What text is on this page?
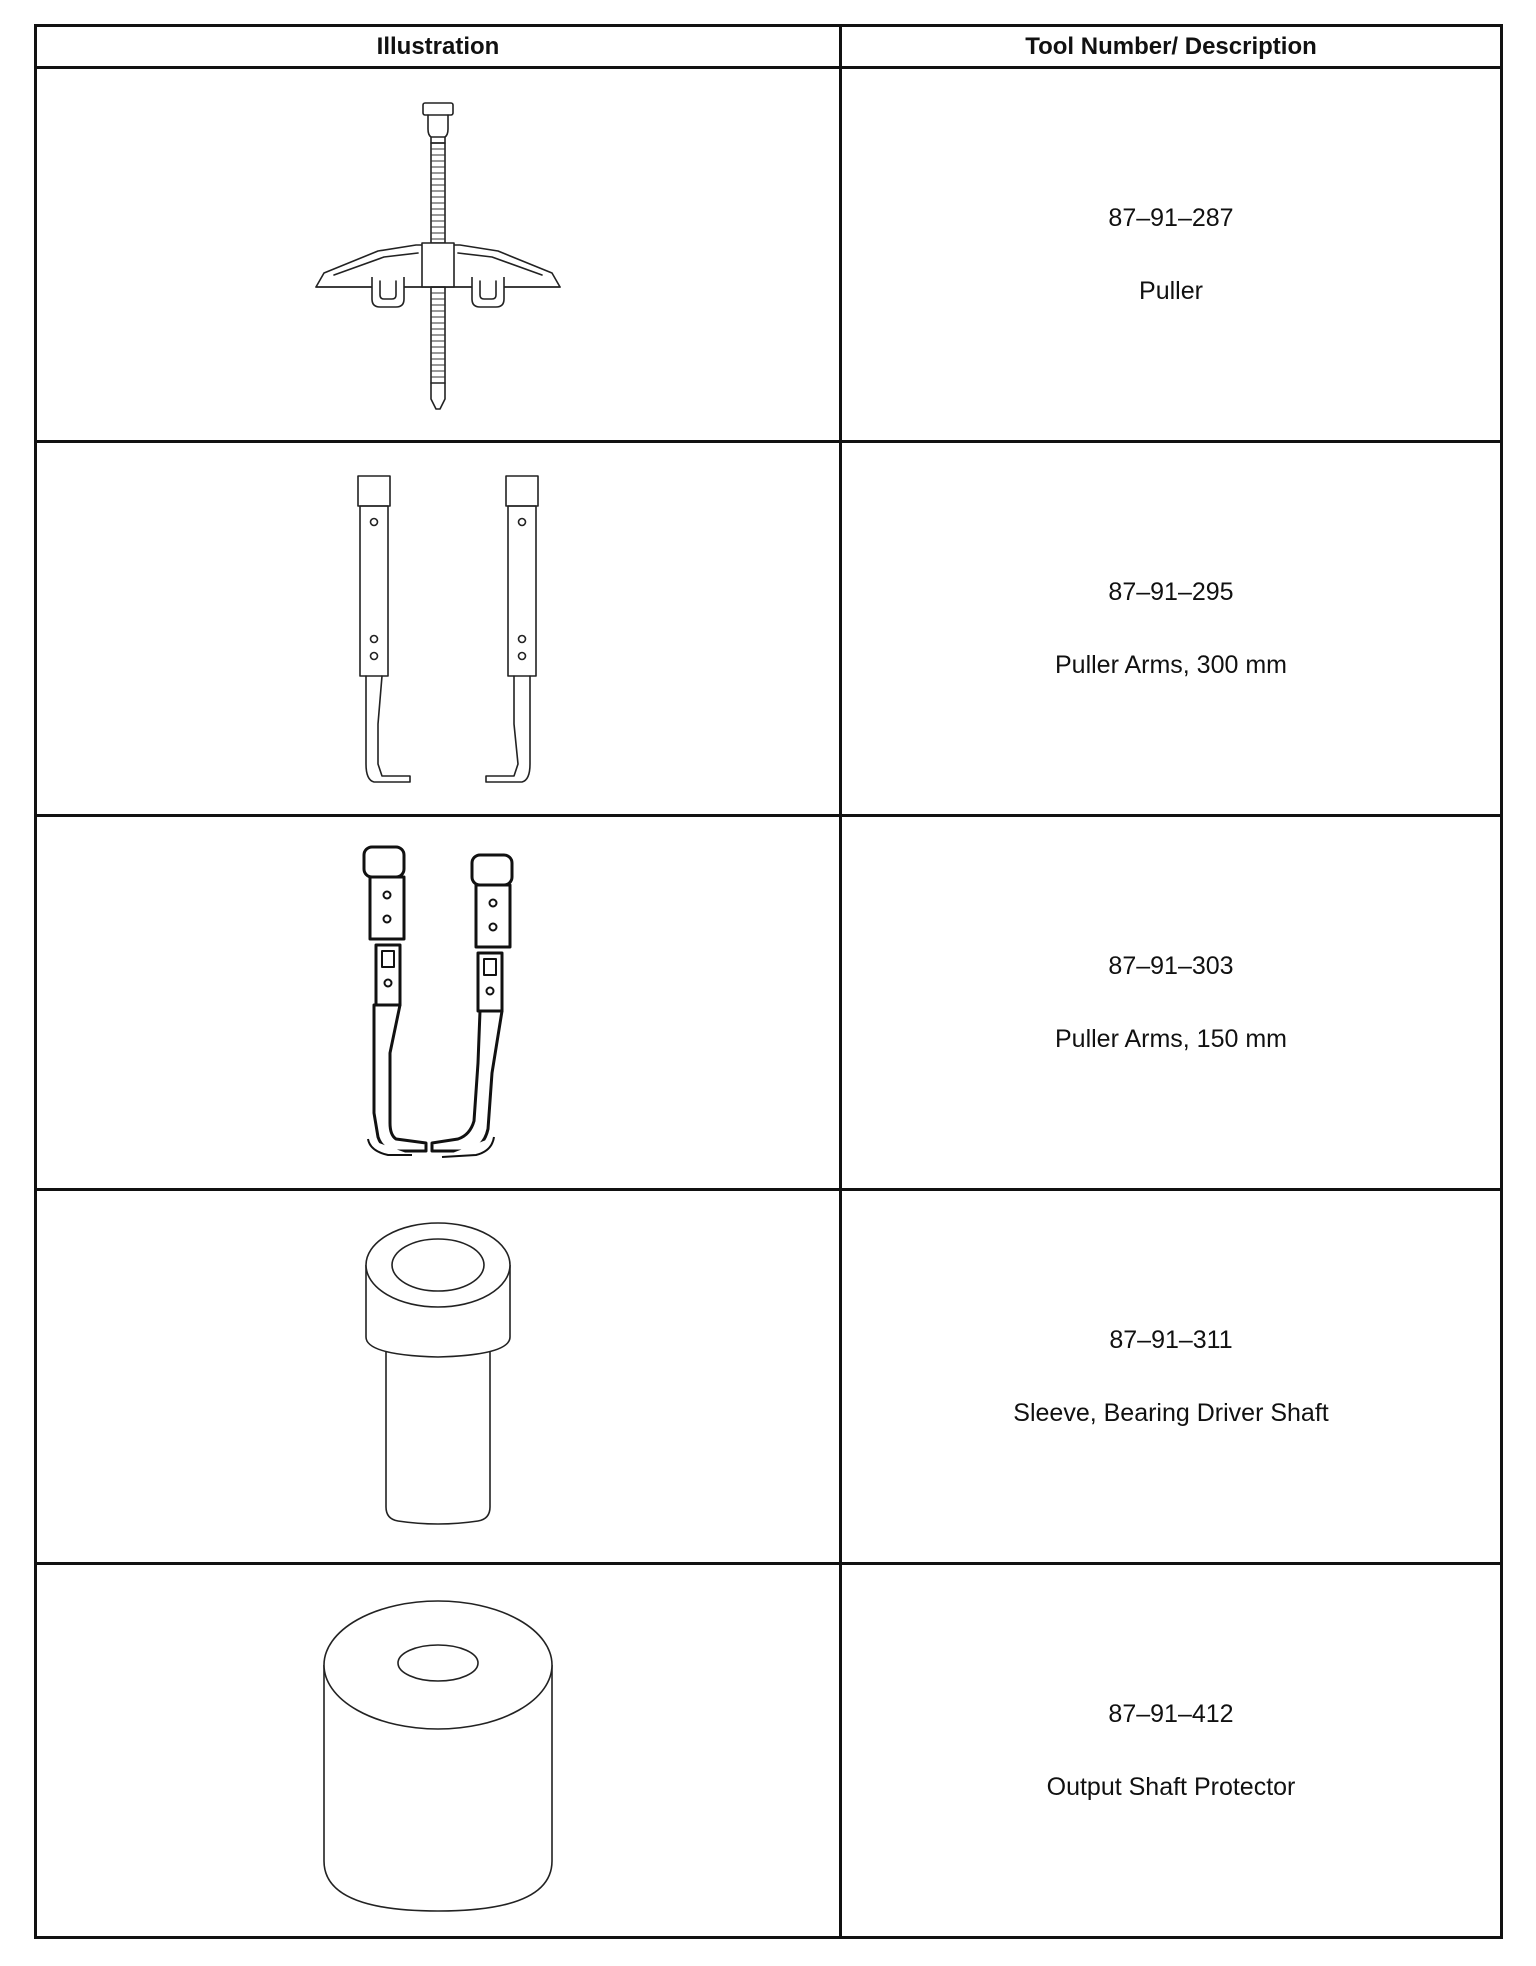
Illustration	Tool Number/ Description

87–91–287

Puller

87–91–295

Puller Arms, 300 mm

87–91–303

Puller Arms, 150 mm

87–91–311

Sleeve, Bearing Driver Shaft

87–91–412

Output Shaft Protector
